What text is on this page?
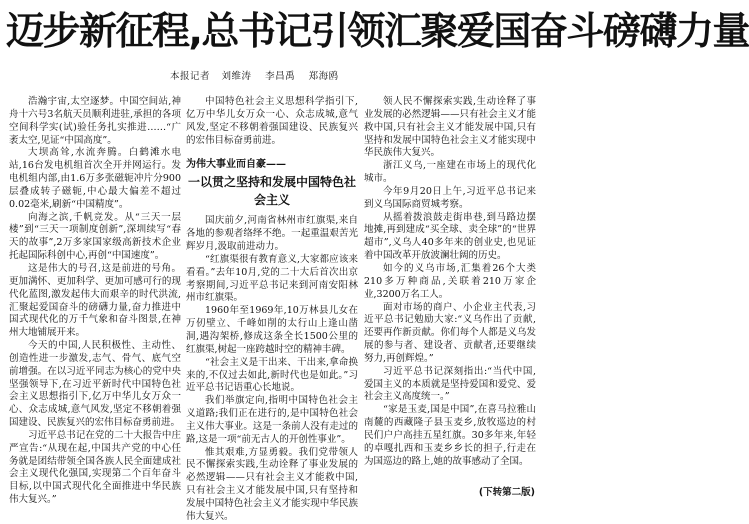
迈步新征程,总书记引领汇聚爱国奋斗磅礴力量
本报记者 刘维涛 李昌禹 郑海鸥

浩瀚宇宙,太空逐梦。中国空间站,神舟十六号3名航天员顺利进驻,承担的各项空间科学实(试)验任务扎实推进……“广袤太空,见证“中国高度”。

大坝高耸,水流奔腾。白鹤滩水电站,16台发电机组首次全开并网运行。发电机组内部,由1.6万多张磁轭冲片分900层叠成转子磁轭,中心最大偏差不超过0.02毫米,刷新“中国精度”。

向海之滨,千帆竞发。从“三天一层楼”到“三天一项制度创新”,深圳续写“春天的故事”,2万多家国家级高新技术企业托起国际科创中心,再创“中国速度”。

这是伟大的号召,这是前进的号角。更加满怀、更加科学、更加可感可行的现代化蓝图,激发起伟大而艰辛的时代洪流,汇聚起爱国奋斗的磅礴力量,奋力推进中国式现代化的万千气象和奋斗图景,在神州大地铺展开来。

今天的中国,人民积极性、主动性、创造性进一步激发,志气、骨气、底气空前增强。在以习近平同志为核心的党中央坚强领导下,在习近平新时代中国特色社会主义思想指引下,亿万中华儿女万众一心、众志成城,意气风发,坚定不移朝着强国建设、民族复兴的宏伟目标奋勇前进。

习近平总书记在党的二十大报告中庄严宣告:“从现在起,中国共产党的中心任务就是团结带领全国各族人民全面建成社会主义现代化强国,实现第二个百年奋斗目标,以中国式现代化全面推进中华民族伟大复兴。”

中国特色社会主义思想科学指引下,亿万中华儿女万众一心、众志成城,意气风发,坚定不移朝着强国建设、民族复兴的宏伟目标奋勇前进。

为伟大事业而自豪——
一以贯之坚持和发展中国特色社会主义

国庆前夕,河南省林州市红旗渠,来自各地的参观者络绎不绝。一起重温艰苦光辉岁月,汲取前进动力。

“红旗渠很有教育意义,大家都应该来看看。”去年10月,党的二十大后首次出京考察期间,习近平总书记来到河南安阳林州市红旗渠。

1960年至1969年,10万林县儿女在万仞壁立、千峰如削的太行山上逢山凿洞,遇沟架桥,修成这条全长1500公里的红旗渠,树起一座跨越时空的精神丰碑。

“社会主义是干出来、干出来,拿命换来的,不仅过去如此,新时代也是如此。”习近平总书记语重心长地说。

我们举旗定向,指明中国特色社会主义道路;我们正在进行的,是中国特色社会主义伟大事业。这是一条前人没有走过的路,这是一项“前无古人的开创性事业”。

惟其艰难,方显勇毅。我们党带领人民不懈探索实践,生动诠释了事业发展的必然逻辑——只有社会主义才能救中国,只有社会主义才能发展中国,只有坚持和发展中国特色社会主义才能实现中华民族伟大复兴。

领人民不懈探索实践,生动诠释了事业发展的必然逻辑——只有社会主义才能救中国,只有社会主义才能发展中国,只有坚持和发展中国特色社会主义才能实现中华民族伟大复兴。

浙江义乌,一座建在市场上的现代化城市。

今年9月20日上午,习近平总书记来到义乌国际商贸城考察。

从摇着拨浪鼓走街串巷,到马路边摆地摊,再到建成“买全球、卖全球”的“世界超市”,义乌人40多年来的创业史,也见证着中国改革开放波澜壮阔的历史。

如今的义乌市场,汇集着26个大类210多万种商品,关联着210万家企业,3200万名工人。

面对市场的商户、小企业主代表,习近平总书记勉励大家:“义乌作出了贡献,还要再作新贡献。你们每个人都是义乌发展的参与者、建设者、贡献者,还要继续努力,再创辉煌。”

习近平总书记深刻指出:“当代中国,爱国主义的本质就是坚持爱国和爱党、爱社会主义高度统一。”

“家是玉麦,国是中国”,在喜马拉雅山南麓的西藏隆子县玉麦乡,放牧巡边的村民们户户高挂五星红旗。30多年来,年轻的卓嘎扎西和玉麦乡乡长的担子,行走在为国巡边的路上,她的故事感动了全国。

(下转第二版)
